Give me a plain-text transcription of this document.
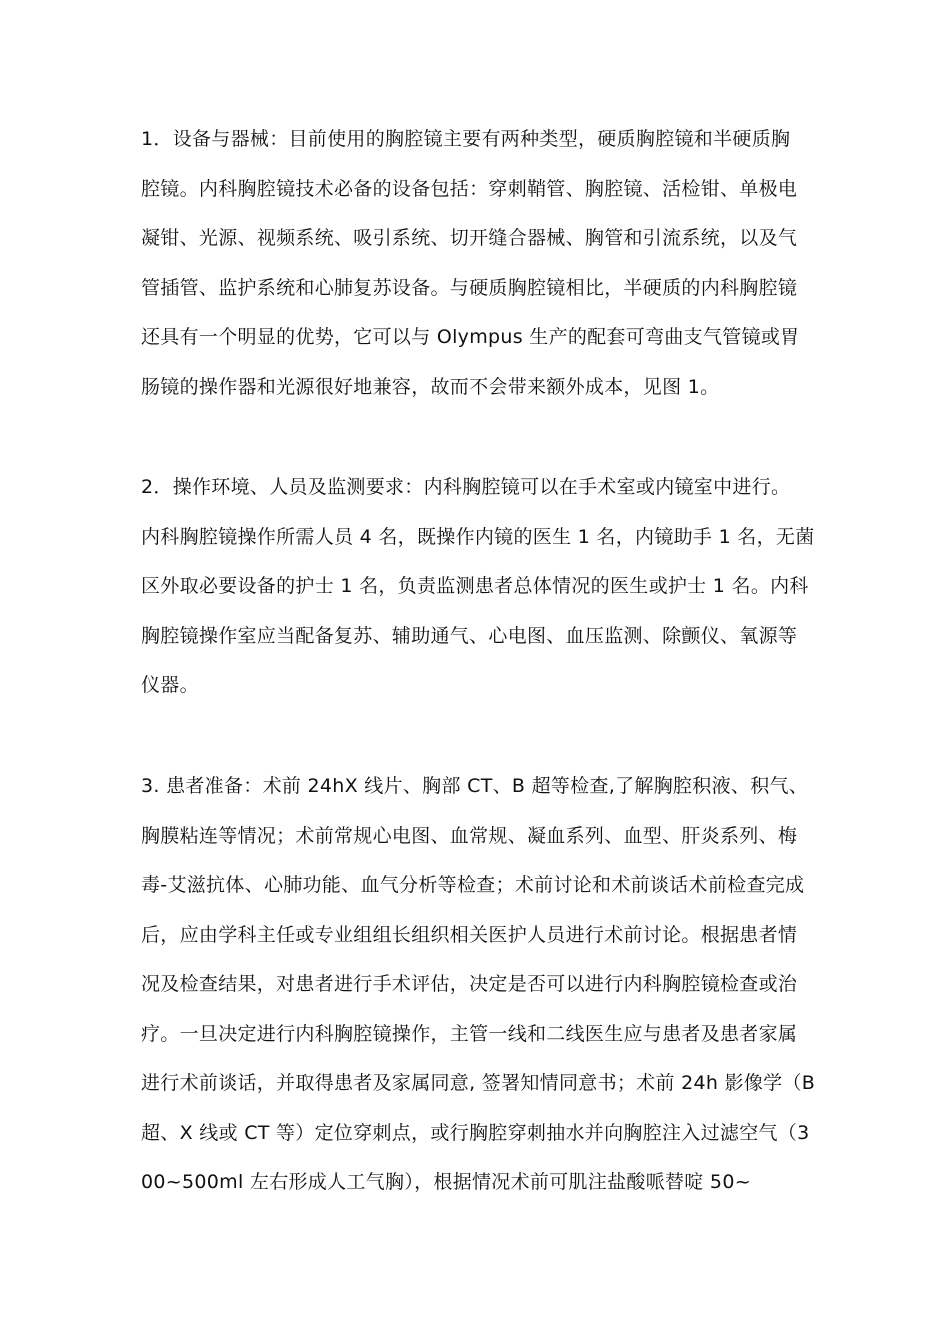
1．设备与器械：目前使用的胸腔镜主要有两种类型，硬质胸腔镜和半硬质胸
腔镜。内科胸腔镜技术必备的设备包括：穿刺鞘管、胸腔镜、活检钳、单极电
凝钳、光源、视频系统、吸引系统、切开缝合器械、胸管和引流系统，以及气
管插管、监护系统和心肺复苏设备。与硬质胸腔镜相比，半硬质的内科胸腔镜
还具有一个明显的优势，它可以与 Olympus 生产的配套可弯曲支气管镜或胃
肠镜的操作器和光源很好地兼容，故而不会带来额外成本，见图 1。
2．操作环境、人员及监测要求：内科胸腔镜可以在手术室或内镜室中进行。
内科胸腔镜操作所需人员 4 名，既操作内镜的医生 1 名，内镜助手 1 名，无菌
区外取必要设备的护士 1 名，负责监测患者总体情况的医生或护士 1 名。内科
胸腔镜操作室应当配备复苏、辅助通气、心电图、血压监测、除颤仪、氧源等
仪器。
3. 患者准备：术前 24hX 线片、胸部 CT、B 超等检查,了解胸腔积液、积气、
胸膜粘连等情况；术前常规心电图、血常规、凝血系列、血型、肝炎系列、梅
毒-艾滋抗体、心肺功能、血气分析等检查；术前讨论和术前谈话术前检查完成
后，应由学科主任或专业组组长组织相关医护人员进行术前讨论。根据患者情
况及检查结果，对患者进行手术评估，决定是否可以进行内科胸腔镜检查或治
疗。一旦决定进行内科胸腔镜操作，主管一线和二线医生应与患者及患者家属
进行术前谈话，并取得患者及家属同意, 签署知情同意书；术前 24h 影像学（B
超、X 线或 CT 等）定位穿刺点，或行胸腔穿刺抽水并向胸腔注入过滤空气（3
00~500ml 左右形成人工气胸），根据情况术前可肌注盐酸哌替啶 50~
